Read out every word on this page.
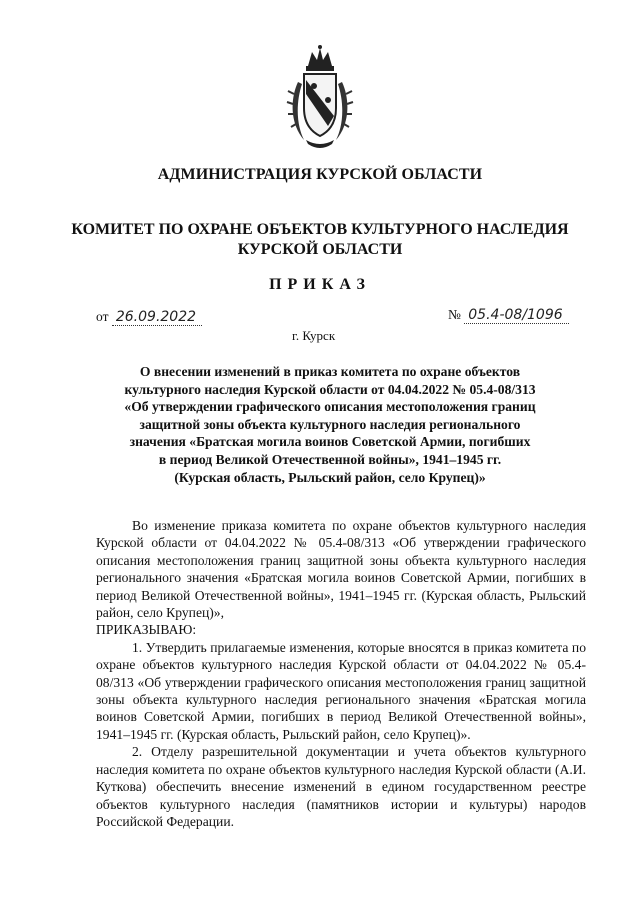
АДМИНИСТРАЦИЯ КУРСКОЙ ОБЛАСТИ
КОМИТЕТ ПО ОХРАНЕ ОБЪЕКТОВ КУЛЬТУРНОГО НАСЛЕДИЯ
КУРСКОЙ ОБЛАСТИ
ПРИКАЗ
от 26.09.2022	№ 05.4-08/1096
г. Курск
О внесении изменений в приказ комитета по охране объектов
культурного наследия Курской области от 04.04.2022 № 05.4-08/313
«Об утверждении графического описания местоположения границ
защитной зоны объекта культурного наследия регионального
значения «Братская могила воинов Советской Армии, погибших
в период Великой Отечественной войны», 1941–1945 гг.
(Курская область, Рыльский район, село Крупец)»

Во изменение приказа комитета по охране объектов культурного наследия Курской области от 04.04.2022 № 05.4-08/313 «Об утверждении графического описания местоположения границ защитной зоны объекта культурного наследия регионального значения «Братская могила воинов Советской Армии, погибших в период Великой Отечественной войны», 1941–1945 гг. (Курская область, Рыльский район, село Крупец)»,

ПРИКАЗЫВАЮ:

1. Утвердить прилагаемые изменения, которые вносятся в приказ комитета по охране объектов культурного наследия Курской области от 04.04.2022 № 05.4-08/313 «Об утверждении графического описания местоположения границ защитной зоны объекта культурного наследия регионального значения «Братская могила воинов Советской Армии, погибших в период Великой Отечественной войны», 1941–1945 гг. (Курская область, Рыльский район, село Крупец)».

2. Отделу разрешительной документации и учета объектов культурного наследия комитета по охране объектов культурного наследия Курской области (А.И. Куткова) обеспечить внесение изменений в едином государственном реестре объектов культурного наследия (памятников истории и культуры) народов Российской Федерации.
